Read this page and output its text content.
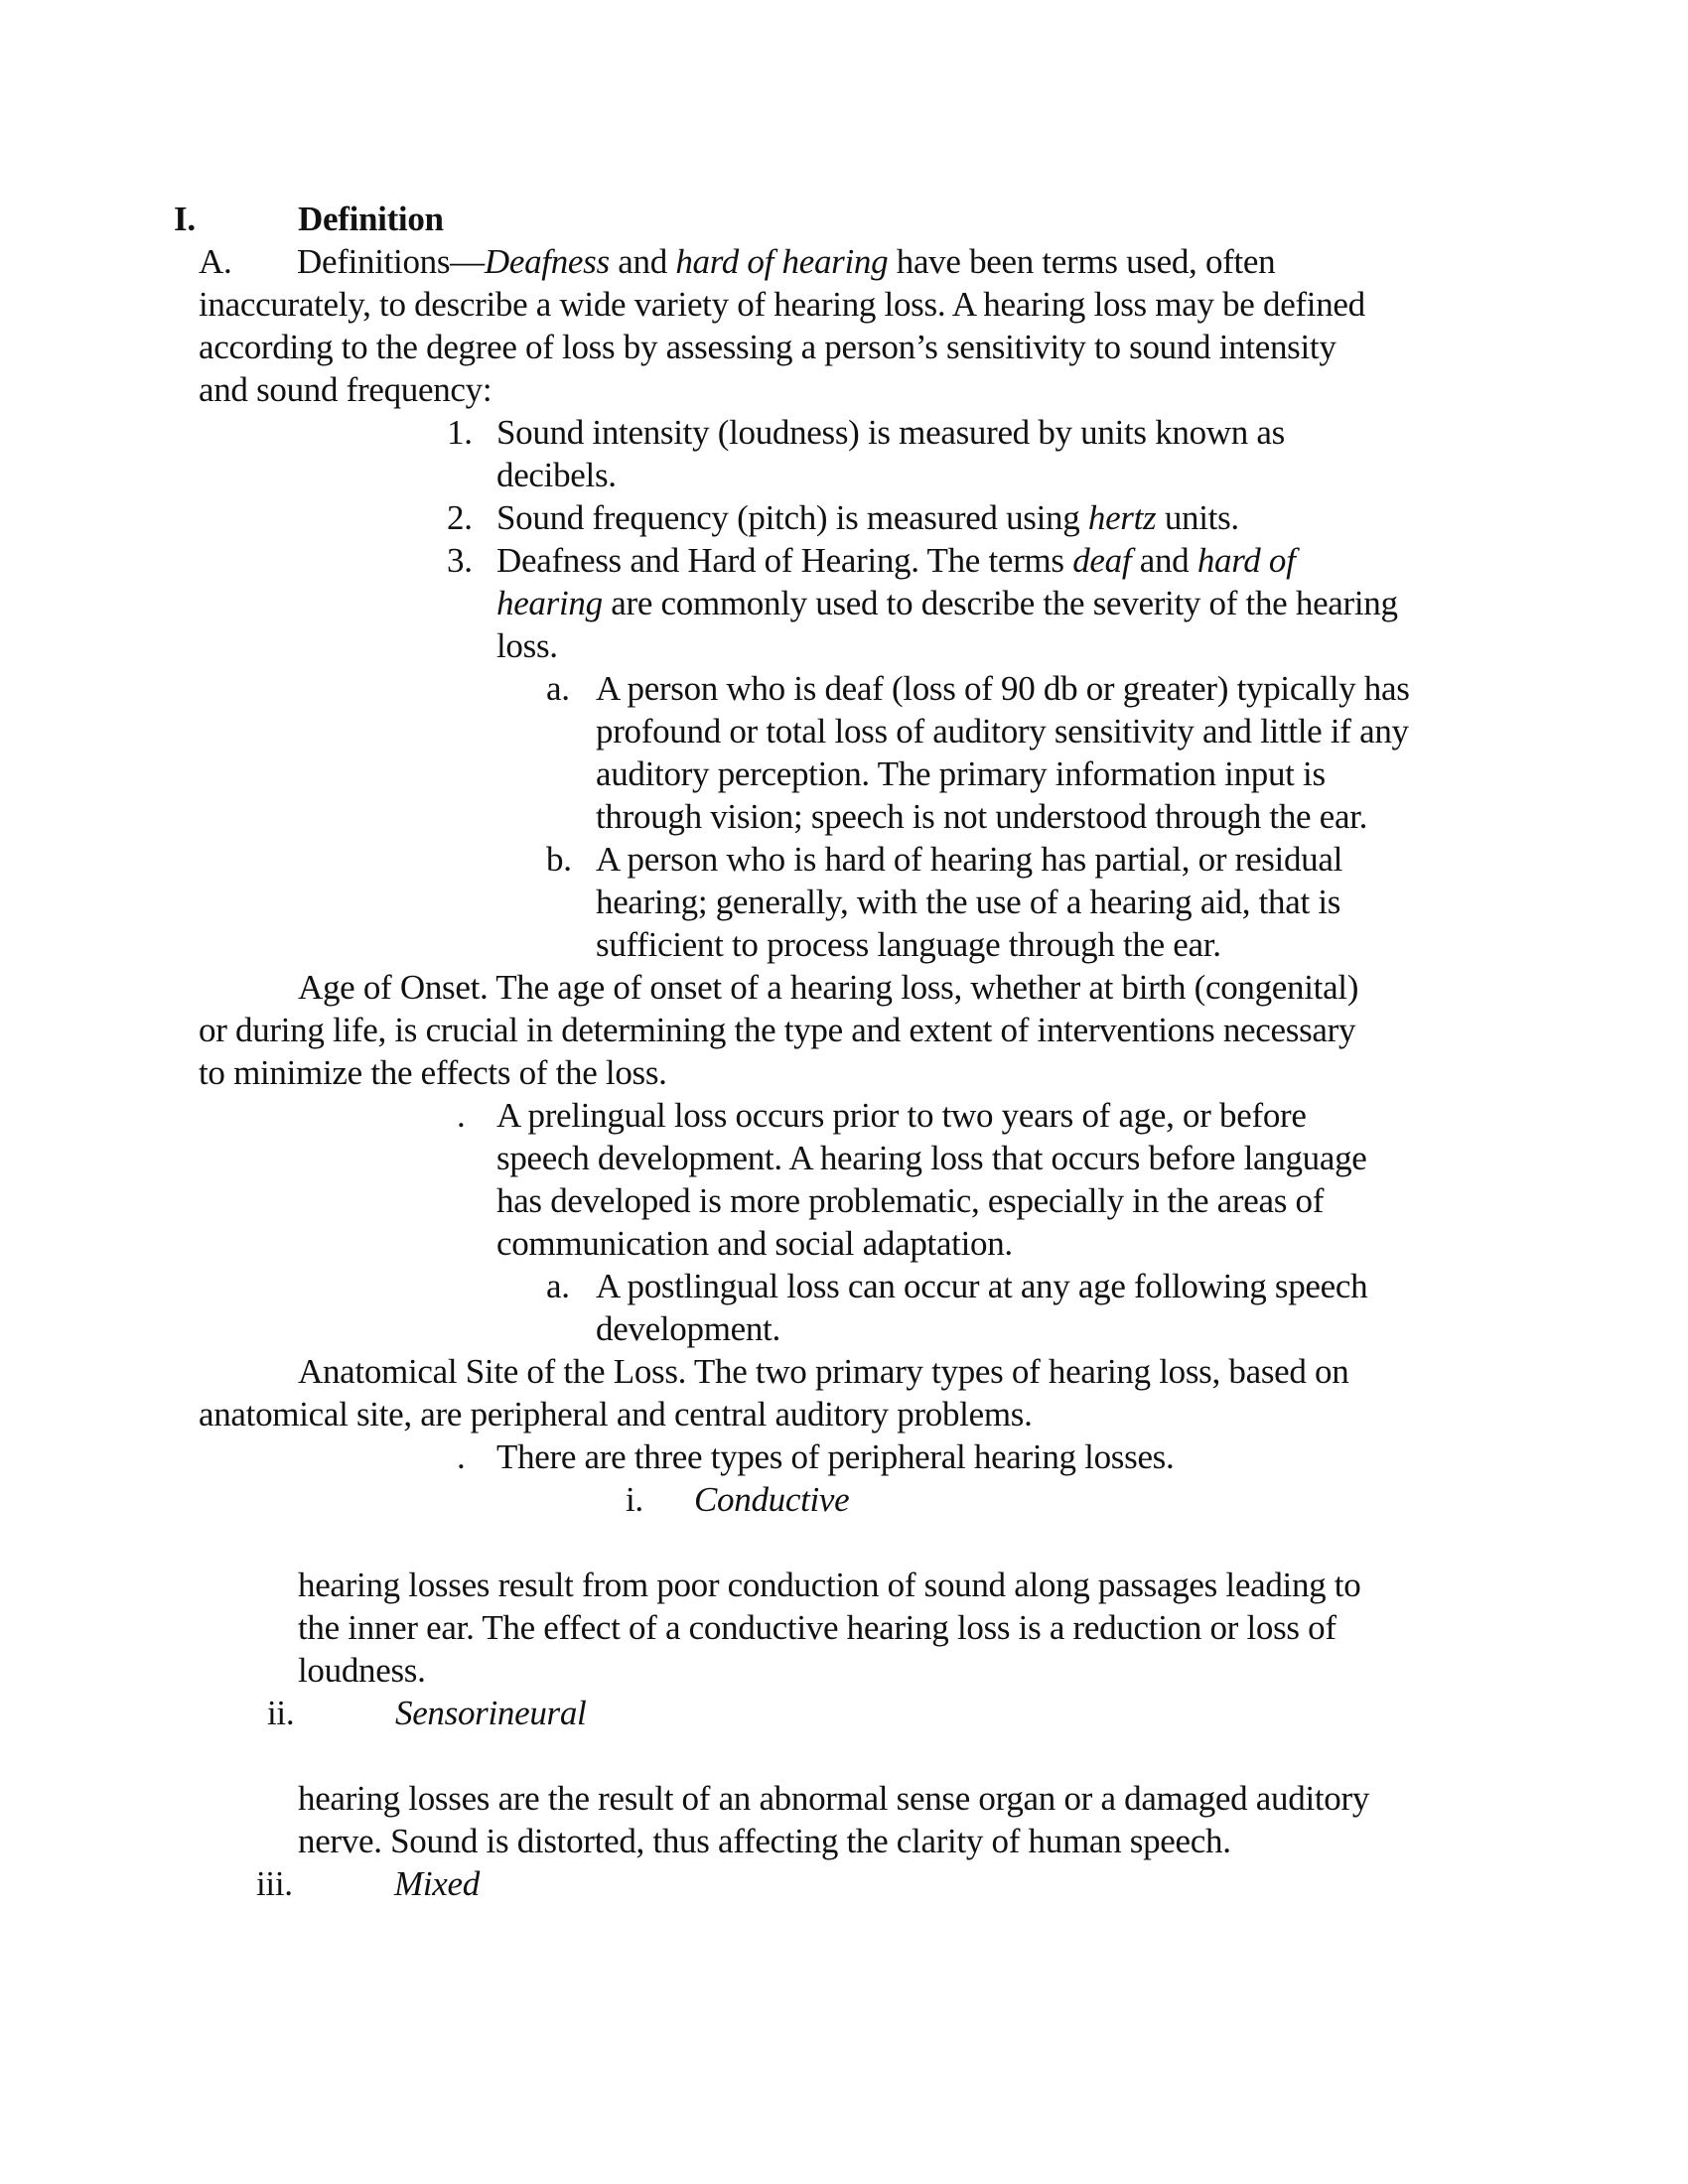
I.	Definition
A. Definitions—Deafness and hard of hearing have been terms used, often
inaccurately, to describe a wide variety of hearing loss. A hearing loss may be defined
according to the degree of loss by assessing a person’s sensitivity to sound intensity
and sound frequency:
1. Sound intensity (loudness) is measured by units known as
decibels.
2. Sound frequency (pitch) is measured using hertz units.
3. Deafness and Hard of Hearing. The terms deaf and hard of
hearing are commonly used to describe the severity of the hearing
loss.
a. A person who is deaf (loss of 90 db or greater) typically has
profound or total loss of auditory sensitivity and little if any
auditory perception. The primary information input is
through vision; speech is not understood through the ear.
b. A person who is hard of hearing has partial, or residual
hearing; generally, with the use of a hearing aid, that is
sufficient to process language through the ear.
Age of Onset. The age of onset of a hearing loss, whether at birth (congenital)
or during life, is crucial in determining the type and extent of interventions necessary
to minimize the effects of the loss.
. A prelingual loss occurs prior to two years of age, or before
speech development. A hearing loss that occurs before language
has developed is more problematic, especially in the areas of
communication and social adaptation.
a. A postlingual loss can occur at any age following speech
development.
Anatomical Site of the Loss. The two primary types of hearing loss, based on
anatomical site, are peripheral and central auditory problems.
. There are three types of peripheral hearing losses.
i. Conductive
hearing losses result from poor conduction of sound along passages leading to
the inner ear. The effect of a conductive hearing loss is a reduction or loss of
loudness.
ii.	Sensorineural
hearing losses are the result of an abnormal sense organ or a damaged auditory
nerve. Sound is distorted, thus affecting the clarity of human speech.
iii.	Mixed
